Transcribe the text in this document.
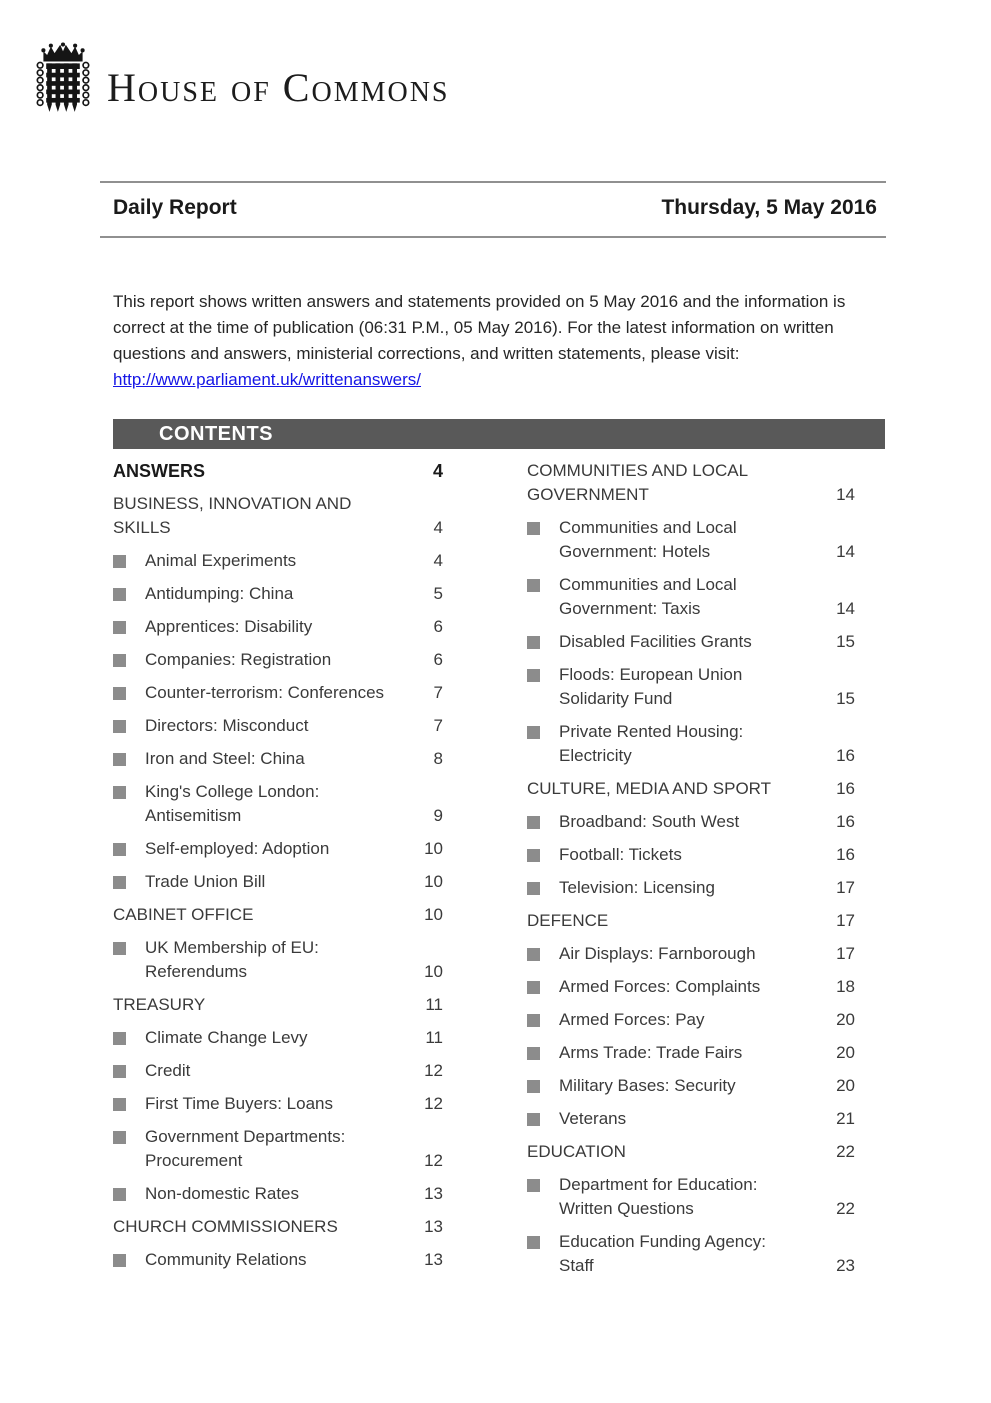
House of Commons
Daily Report	Thursday, 5 May 2016

This report shows written answers and statements provided on 5 May 2016 and the information is correct at the time of publication (06:31 P.M., 05 May 2016). For the latest information on written questions and answers, ministerial corrections, and written statements, please visit: http://www.parliament.uk/writtenanswers/

CONTENTS
ANSWERS	4
BUSINESS, INNOVATION AND
SKILLS	4
Animal Experiments	4
Antidumping: China	5
Apprentices: Disability	6
Companies: Registration	6
Counter-terrorism: Conferences	7
Directors: Misconduct	7
Iron and Steel: China	8
King's College London:
Antisemitism	9
Self-employed: Adoption	10
Trade Union Bill	10
CABINET OFFICE	10
UK Membership of EU:
Referendums	10
TREASURY	11
Climate Change Levy	11
Credit	12
First Time Buyers: Loans	12
Government Departments:
Procurement	12
Non-domestic Rates	13
CHURCH COMMISSIONERS	13
Community Relations	13
COMMUNITIES AND LOCAL
GOVERNMENT	14
Communities and Local
Government: Hotels	14
Communities and Local
Government: Taxis	14
Disabled Facilities Grants	15
Floods: European Union
Solidarity Fund	15
Private Rented Housing:
Electricity	16
CULTURE, MEDIA AND SPORT	16
Broadband: South West	16
Football: Tickets	16
Television: Licensing	17
DEFENCE	17
Air Displays: Farnborough	17
Armed Forces: Complaints	18
Armed Forces: Pay	20
Arms Trade: Trade Fairs	20
Military Bases: Security	20
Veterans	21
EDUCATION	22
Department for Education:
Written Questions	22
Education Funding Agency:
Staff	23
